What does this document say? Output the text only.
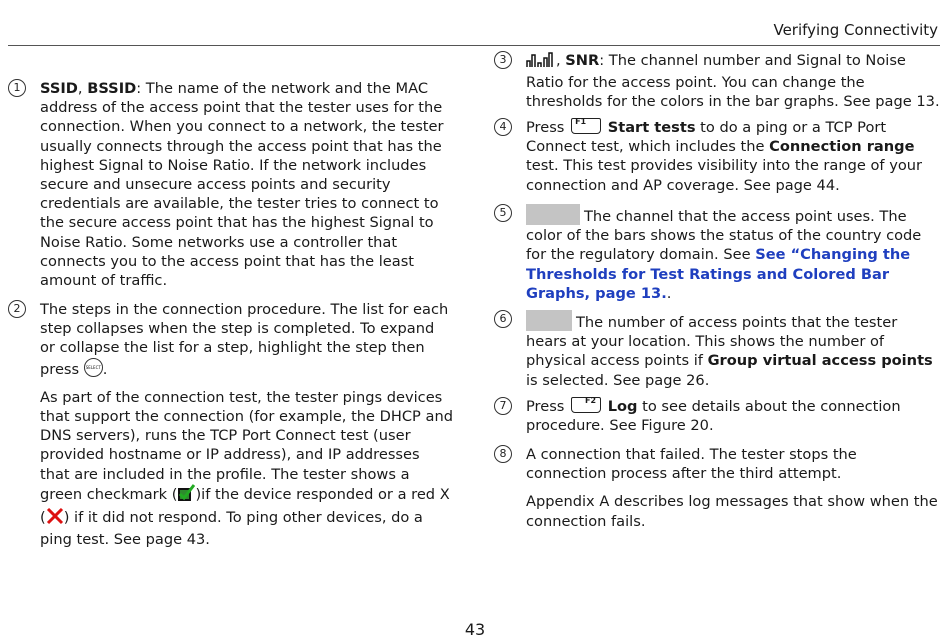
Verifying Connectivity
1	SSID, BSSID: The name of the network and the MAC address of the access point that the tester uses for the connection. When you connect to a network, the tester usually connects through the access point that has the highest Signal to Noise Ratio. If the network includes secure and unsecure access points and security credentials are available, the tester tries to connect to the secure access point that has the highest Signal to Noise Ratio. Some networks use a controller that connects you to the access point that has the least amount of traffic.

2	The steps in the connection procedure. The list for each step collapses when the step is completed. To expand or collapse the list for a step, highlight the step then press SELECT .

As part of the connection test, the tester pings devices that support the connection (for example, the DHCP and DNS servers), runs the TCP Port Connect test (user provided hostname or IP address), and IP addresses that are included in the profile. The tester shows a green checkmark ( )if the device responded or a red X ( ) if it did not respond. To ping other devices, do a ping test. See page 43.

3	, SNR: The channel number and Signal to Noise Ratio for the access point. You can change the thresholds for the colors in the bar graphs. See page 13.

4	Press F1 Start tests to do a ping or a TCP Port Connect test, which includes the Connection range test. This test provides visibility into the range of your connection and AP coverage. See page 44.

5	The channel that the access point uses. The color of the bars shows the status of the country code for the regulatory domain. See See “Changing the Thresholds for Test Ratings and Colored Bar Graphs, page 13..

6	The number of access points that the tester hears at your location. This shows the number of physical access points if Group virtual access points is selected. See page 26.

7	Press F2 Log to see details about the connection procedure. See Figure 20.

8	A connection that failed. The tester stops the connection process after the third attempt.

Appendix A describes log messages that show when the connection fails.

43
